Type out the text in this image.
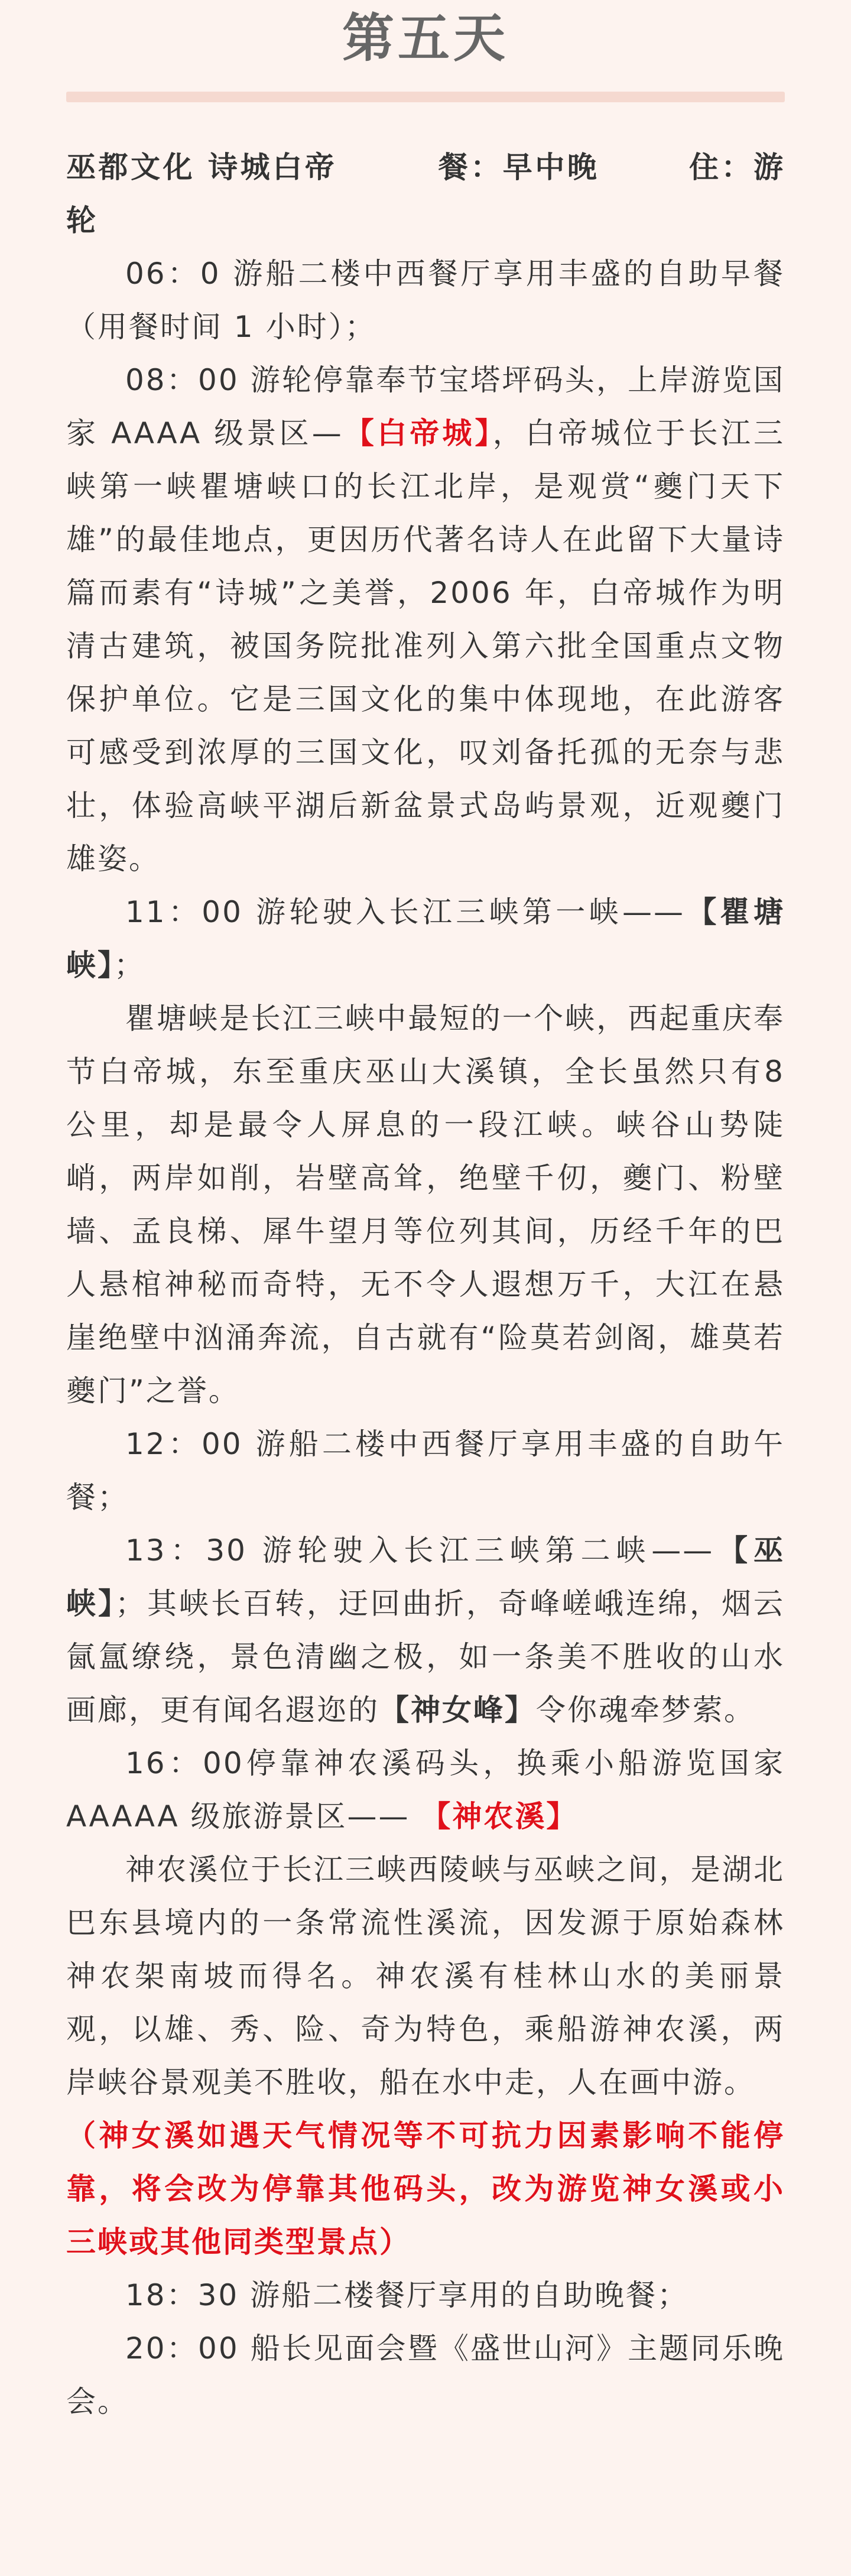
第五天

巫都文化 诗城白帝	餐：早中晚	住：游轮

06：0 游船二楼中西餐厅享用丰盛的自助早餐（用餐时间 1 小时）；

08：00 游轮停靠奉节宝塔坪码头，上岸游览国家 AAAA 级景区—【白帝城】，白帝城位于长江三峡第一峡瞿塘峡口的长江北岸，是观赏“夔门天下雄”的最佳地点，更因历代著名诗人在此留下大量诗篇而素有“诗城”之美誉，2006 年，白帝城作为明清古建筑，被国务院批准列入第六批全国重点文物 保护单位。它是三国文化的集中体现地，在此游客可感受到浓厚的三国文化，叹刘备托孤的无奈与悲壮，体验高峡平湖后新盆景式岛屿景观，近观夔门雄姿。

11：00 游轮驶入长江三峡第一峡——【瞿塘峡】；

瞿塘峡是长江三峡中最短的一个峡，西起重庆奉节白帝城，东至重庆巫山大溪镇，全长虽然只有8 公里，却是最令人屏息的一段江峡。峡谷山势陡峭，两岸如削，岩壁高耸，绝壁千仞，夔门、粉壁墙、孟良梯、犀牛望月等位列其间，历经千年的巴人悬棺神秘而奇特，无不令人遐想万千，大江在悬崖绝壁中汹涌奔流，自古就有“险莫若剑阁，雄莫若夔门”之誉。

12：00 游船二楼中西餐厅享用丰盛的自助午餐；

13：30 游轮驶入长江三峡第二峡——【巫峡】；其峡长百转，迂回曲折，奇峰嵯峨连绵，烟云氤氲缭绕，景色清幽之极，如一条美不胜收的山水画廊，更有闻名遐迩的【神女峰】令你魂牵梦萦。

16：00停靠神农溪码头，换乘小船游览国家 AAAAA 级旅游景区—— 【神农溪】

神农溪位于长江三峡西陵峡与巫峡之间，是湖北巴东县境内的一条常流性溪流，因发源于原始森林神农架南坡而得名。神农溪有桂林山水的美丽景观，以雄、秀、险、奇为特色，乘船游神农溪，两岸峡谷景观美不胜收，船在水中走，人在画中游。

（神女溪如遇天气情况等不可抗力因素影响不能停靠，将会改为停靠其他码头，改为游览神女溪或小三峡或其他同类型景点）

18：30 游船二楼餐厅享用的自助晚餐；

20：00 船长见面会暨《盛世山河》主题同乐晚会。
